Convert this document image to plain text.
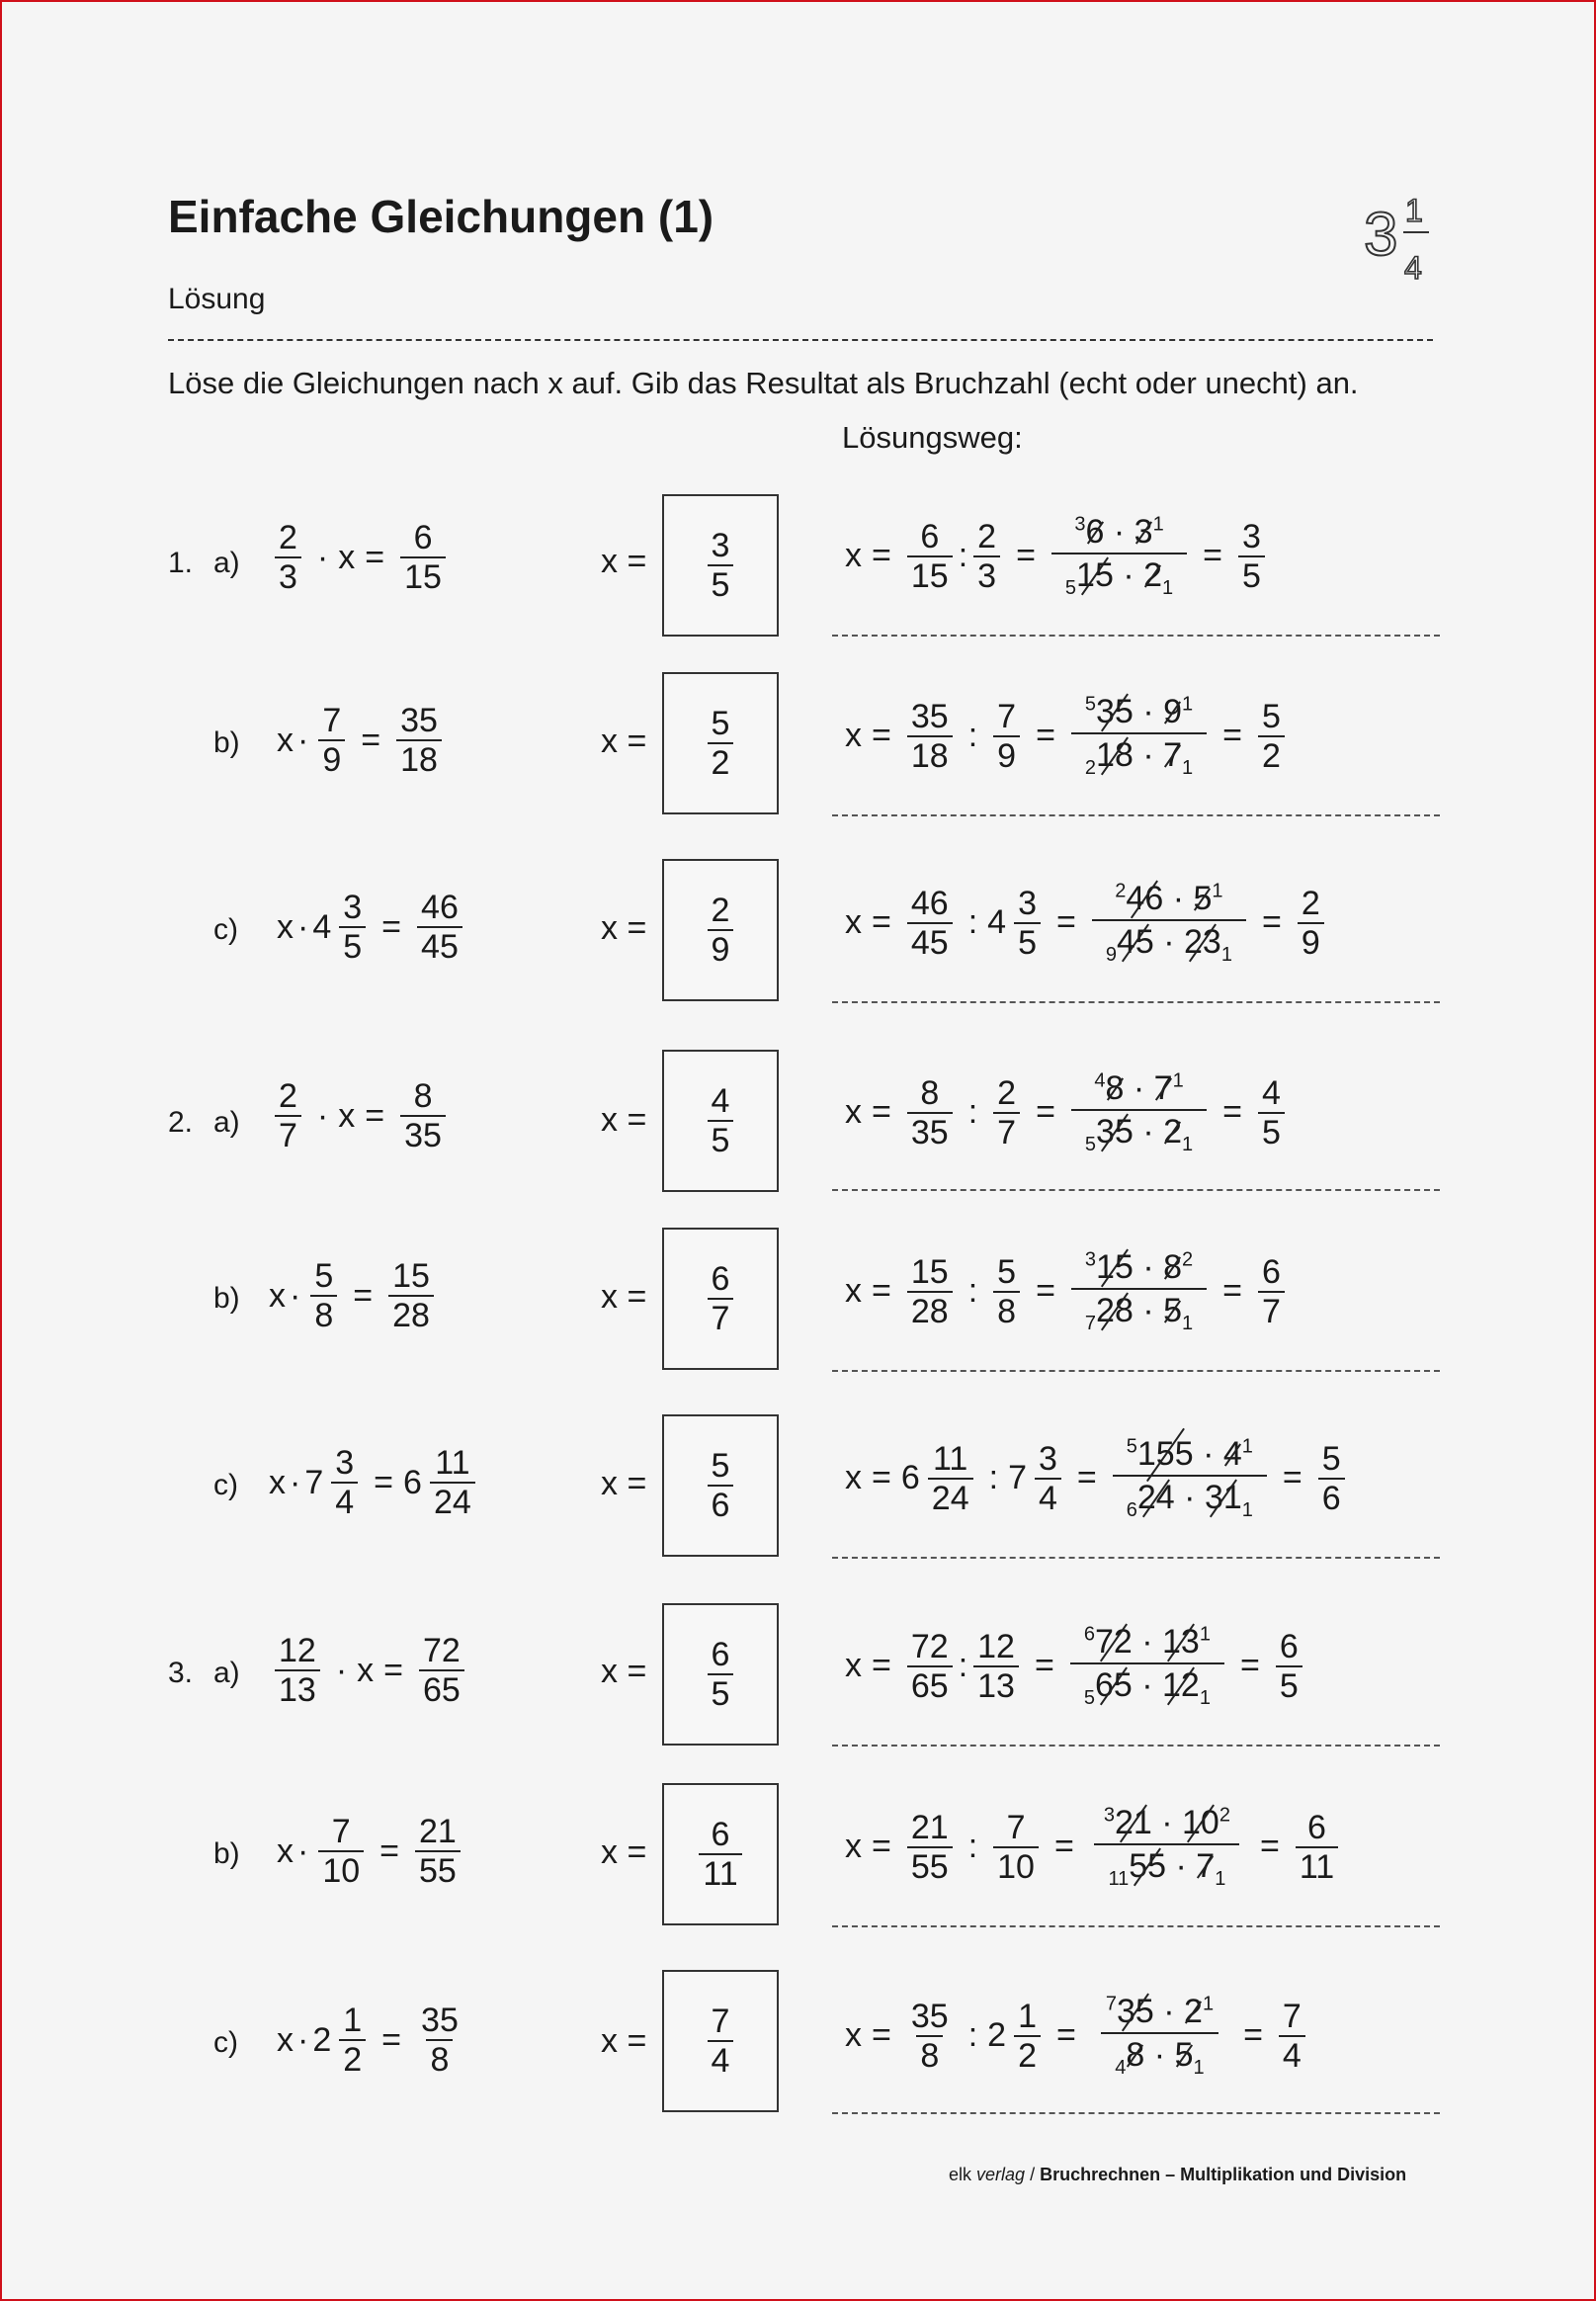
Einfache Gleichungen (1)	3 1
4
Lösung
Löse die Gleichungen nach x auf. Gib das Resultat als Bruchzahl (echt oder unecht) an.
Lösungsweg:
1. $a) \frac{2}{3} \cdot x = \frac{6}{15}$	$x = \frac{3}{5}$	$x = \frac{6}{15}$ : $\frac{2}{3} = \frac{^36 \cdot 3^1}{_515 \cdot 2_1} = \frac{3}{5}$
b) $x \cdot \frac{7}{9} = \frac{35}{18}$	$x = \frac{5}{2}$	$x = \frac{35}{18}$ : $\frac{7}{9} = \frac{^535 \cdot 9^1}{_218 \cdot 7_1} = \frac{5}{2}$
c) $x \cdot 4 \frac{3}{5} = \frac{46}{45}$	$x = \frac{2}{9}$	$x = \frac{46}{45}$ : $4 \frac{3}{5} = \frac{^246 \cdot 5^1}{_945 \cdot 23_1} = \frac{2}{9}$
2. $a) \frac{2}{7} \cdot x = \frac{8}{35}$	$x = \frac{4}{5}$	$x = \frac{8}{35}$ : $\frac{2}{7} = \frac{^48 \cdot 7^1}{_535 \cdot 2_1} = \frac{4}{5}$
b) $x \cdot \frac{5}{8} = \frac{15}{28}$	$x = \frac{6}{7}$	$x = \frac{15}{28}$ : $\frac{5}{8} = \frac{^315 \cdot 8^2}{_728 \cdot 5_1} = \frac{6}{7}$
c) $x \cdot 7 \frac{3}{4} = 6 \frac{11}{24}$	$x = \frac{5}{6}$	$x = 6 \frac{11}{24}$ : $7 \frac{3}{4} = \frac{^5155 \cdot 4^1}{_624 \cdot 31_1} = \frac{5}{6}$
3. $a) \frac{12}{13} \cdot x = \frac{72}{65}$	$x = \frac{6}{5}$	$x = \frac{72}{65}$ : $\frac{12}{13} = \frac{^672 \cdot 13^1}{_565 \cdot 12_1} = \frac{6}{5}$
b) $x \cdot \frac{7}{10} = \frac{21}{55}$	$x = \frac{6}{11}$	$x = \frac{21}{55}$ : $\frac{7}{10} = \frac{^321 \cdot 10^2}{_{11}55 \cdot 7_1} = \frac{6}{11}$
c) $x \cdot 2 \frac{1}{2} = \frac{35}{8}$	$x = \frac{7}{4}$	$x = \frac{35}{8}$ : $2 \frac{1}{2} = \frac{^735 \cdot 2^1}{_48 \cdot 5_1} = \frac{7}{4}$
elk verlag / Bruchrechnen – Multiplikation und Division
